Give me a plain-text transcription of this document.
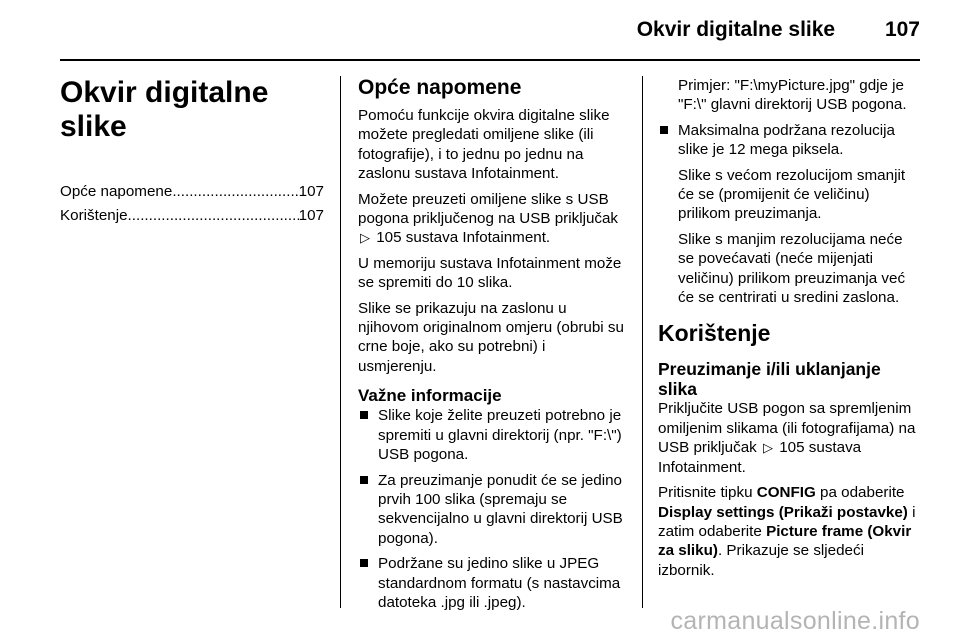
Okvir digitalne slike 107
Okvir digitalne slike
Opće napomene .....	107
Korištenje .....	107
Opće napomene

Pomoću funkcije okvira digitalne slike možete pregledati omiljene slike (ili fotografije), i to jednu po jednu na zaslonu sustava Infotainment.

Možete preuzeti omiljene slike s USB pogona priključenog na USB priključak ▷ 105 sustava Infotainment.

U memoriju sustava Infotainment može se spremiti do 10 slika.

Slike se prikazuju na zaslonu u njihovom originalnom omjeru (obrubi su crne boje, ako su potrebni) i usmjerenju.

Važne informacije
Slike koje želite preuzeti potrebno je spremiti u glavni direktorij (npr. "F:\") USB pogona.
Za preuzimanje ponudit će se jedino prvih 100 slika (spremaju se sekvencijalno u glavni direktorij USB pogona).
Podržane su jedino slike u JPEG standardnom formatu (s nastavcima datoteka .jpg ili .jpeg).

Primjer: "F:\myPicture.jpg" gdje je "F:\" glavni direktorij USB pogona.

Maksimalna podržana rezolucija slike je 12 mega piksela.

Slike s većom rezolucijom smanjit će se (promijenit će veličinu) prilikom preuzimanja.

Slike s manjim rezolucijama neće se povećavati (neće mijenjati veličinu) prilikom preuzimanja već će se centrirati u sredini zaslona.

Korištenje
Preuzimanje i/ili uklanjanje slika

Priključite USB pogon sa spremljenim omiljenim slikama (ili fotografijama) na USB priključak ▷ 105 sustava Infotainment.

Pritisnite tipku CONFIG pa odaberite Display settings (Prikaži postavke) i zatim odaberite Picture frame (Okvir za sliku). Prikazuje se sljedeći izbornik.

carmanualsonline.info
